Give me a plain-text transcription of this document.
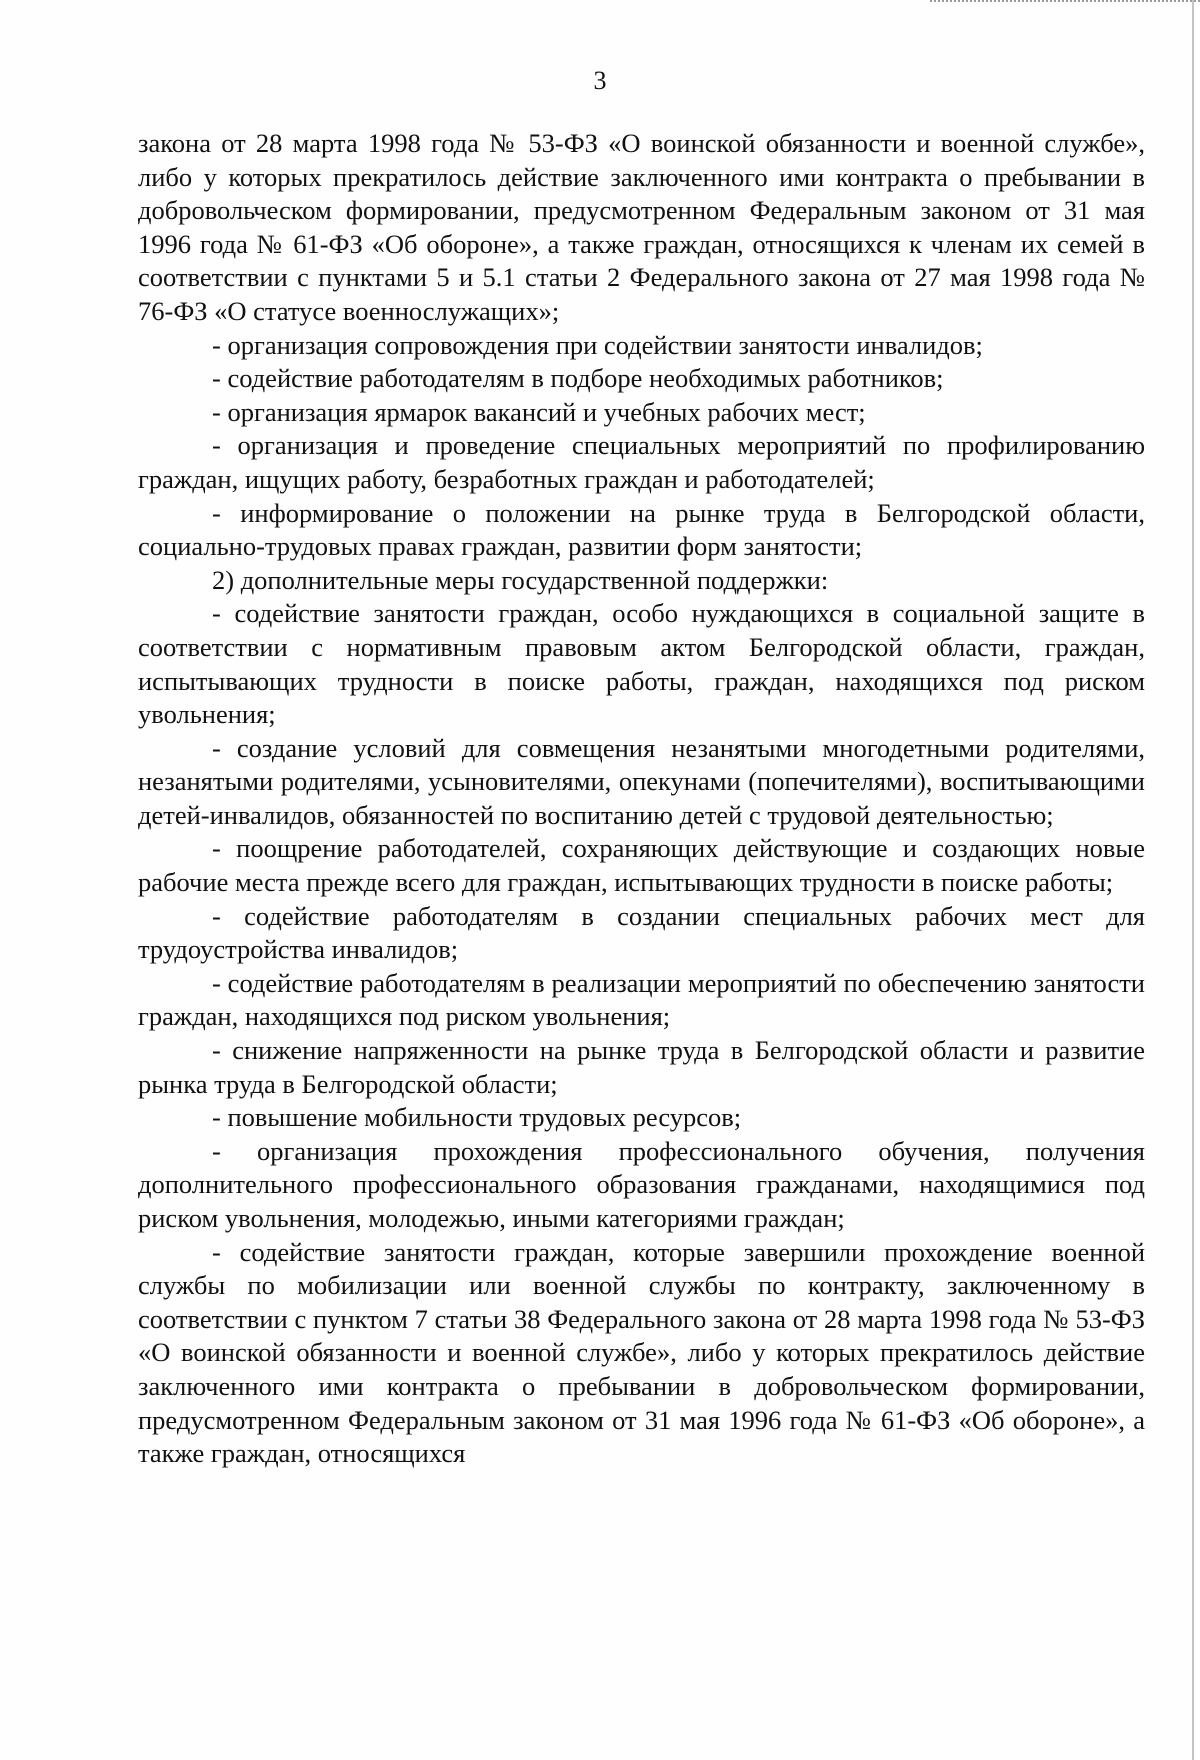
3

закона от 28 марта 1998 года № 53-ФЗ «О воинской обязанности и военной службе», либо у которых прекратилось действие заключенного ими контракта о пребывании в добровольческом формировании, предусмотренном Федеральным законом от 31 мая 1996 года № 61-ФЗ «Об обороне», а также граждан, относящихся к членам их семей в соответствии с пунктами 5 и 5.1 статьи 2 Федерального закона от 27 мая 1998 года № 76-ФЗ «О статусе военнослужащих»;

- организация сопровождения при содействии занятости инвалидов;

- содействие работодателям в подборе необходимых работников;

- организация ярмарок вакансий и учебных рабочих мест;

- организация и проведение специальных мероприятий по профилированию граждан, ищущих работу, безработных граждан и работодателей;

- информирование о положении на рынке труда в Белгородской области, социально-трудовых правах граждан, развитии форм занятости;

2) дополнительные меры государственной поддержки:

- содействие занятости граждан, особо нуждающихся в социальной защите в соответствии с нормативным правовым актом Белгородской области, граждан, испытывающих трудности в поиске работы, граждан, находящихся под риском увольнения;

- создание условий для совмещения незанятыми многодетными родителями, незанятыми родителями, усыновителями, опекунами (попечителями), воспитывающими детей-инвалидов, обязанностей по воспитанию детей с трудовой деятельностью;

- поощрение работодателей, сохраняющих действующие и создающих новые рабочие места прежде всего для граждан, испытывающих трудности в поиске работы;

- содействие работодателям в создании специальных рабочих мест для трудоустройства инвалидов;

- содействие работодателям в реализации мероприятий по обеспечению занятости граждан, находящихся под риском увольнения;

- снижение напряженности на рынке труда в Белгородской области и развитие рынка труда в Белгородской области;

- повышение мобильности трудовых ресурсов;

- организация прохождения профессионального обучения, получения дополнительного профессионального образования гражданами, находящимися под риском увольнения, молодежью, иными категориями граждан;

- содействие занятости граждан, которые завершили прохождение военной службы по мобилизации или военной службы по контракту, заключенному в соответствии с пунктом 7 статьи 38 Федерального закона от 28 марта 1998 года № 53-ФЗ «О воинской обязанности и военной службе», либо у которых прекратилось действие заключенного ими контракта о пребывании в добровольческом формировании, предусмотренном Федеральным законом от 31 мая 1996 года № 61-ФЗ «Об обороне», а также граждан, относящихся
